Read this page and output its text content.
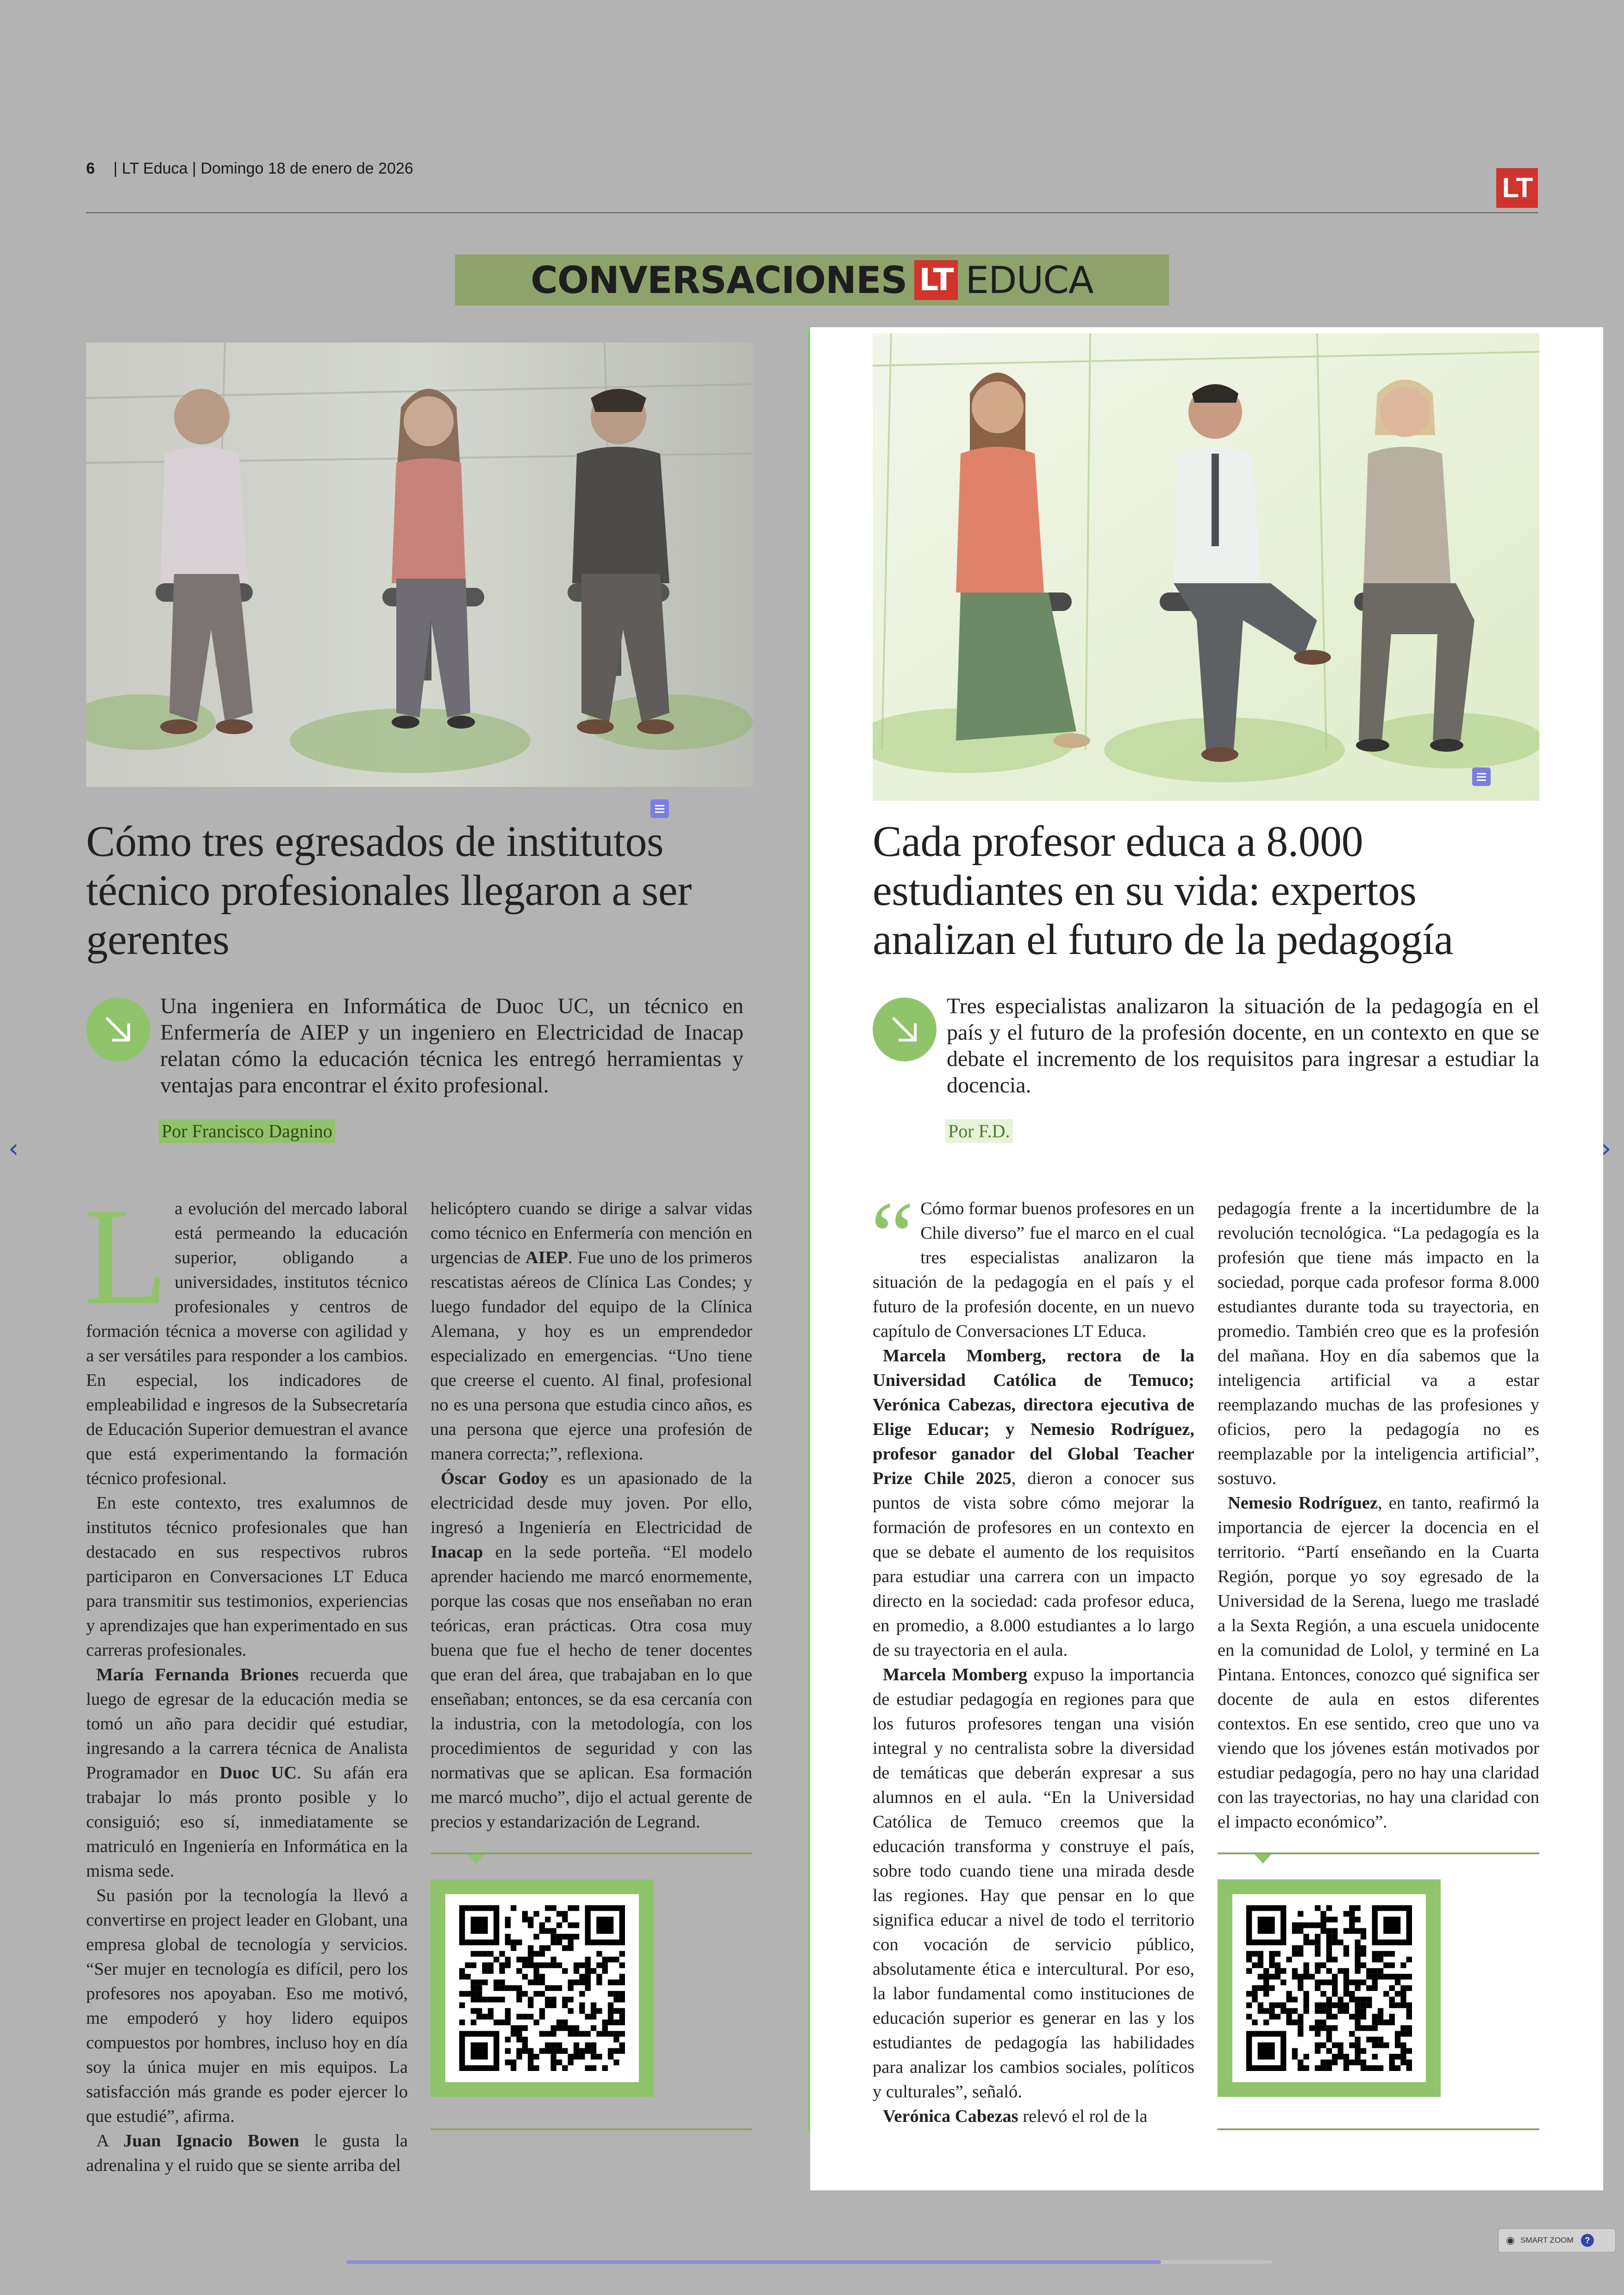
6 | LT Educa | Domingo 18 de enero de 2026
LT
CONVERSACIONES LT EDUCA
Cómo tres egresados de institutos técnico profesionales llegaron a ser gerentes
Una ingeniera en Informática de Duoc UC, un técnico en Enfermería de AIEP y un ingeniero en Electricidad de Inacap relatan cómo la educación técnica les entregó herramientas y ventajas para encontrar el éxito profesional.
Por Francisco Dagnino
L a evolución del mercado laboral está permeando la educación superior, obligando a universidades, institutos técnico profesionales y centros de formación técnica a moverse con agilidad y a ser versátiles para responder a los cambios. En especial, los indicadores de empleabilidad e ingresos de la Subsecretaría de Educación Superior demuestran el avance que está experimentando la formación técnico profesional.

En este contexto, tres exalumnos de institutos técnico profesionales que han destacado en sus respectivos rubros participaron en Conversaciones LT Educa para transmitir sus testimonios, experiencias y aprendizajes que han experimentado en sus carreras profesionales.

María Fernanda Briones recuerda que luego de egresar de la educación media se tomó un año para decidir qué estudiar, ingresando a la carrera técnica de Analista Programador en Duoc UC. Su afán era trabajar lo más pronto posible y lo consiguió; eso sí, inmediatamente se matriculó en Ingeniería en Informática en la misma sede.

Su pasión por la tecnología la llevó a convertirse en project leader en Globant, una empresa global de tecnología y servicios. “Ser mujer en tecnología es difícil, pero los profesores nos apoyaban. Eso me motivó, me empoderó y hoy lidero equipos compuestos por hombres, incluso hoy en día soy la única mujer en mis equipos. La satisfacción más grande es poder ejercer lo que estudié”, afirma.

A Juan Ignacio Bowen le gusta la adrenalina y el ruido que se siente arriba del

helicóptero cuando se dirige a salvar vidas como técnico en Enfermería con mención en urgencias de AIEP. Fue uno de los primeros rescatistas aéreos de Clínica Las Condes; y luego fundador del equipo de la Clínica Alemana, y hoy es un emprendedor especializado en emergencias. “Uno tiene que creerse el cuento. Al final, profesional no es una persona que estudia cinco años, es una persona que ejerce una profesión de manera correcta;”, reflexiona.

Óscar Godoy es un apasionado de la electricidad desde muy joven. Por ello, ingresó a Ingeniería en Electricidad de Inacap en la sede porteña. “El modelo aprender haciendo me marcó enormemente, porque las cosas que nos enseñaban no eran teóricas, eran prácticas. Otra cosa muy buena que fue el hecho de tener docentes que eran del área, que trabajaban en lo que enseñaban; entonces, se da esa cercanía con la industria, con la metodología, con los procedimientos de seguridad y con las normativas que se aplican. Esa formación me marcó mucho”, dijo el actual gerente de precios y estandarización de Legrand.

Cada profesor educa a 8.000 estudiantes en su vida: expertos analizan el futuro de la pedagogía
Tres especialistas analizaron la situación de la pedagogía en el país y el futuro de la profesión docente, en un contexto en que se debate el incremento de los requisitos para ingresar a estudiar la docencia.
Por F.D.
“ Cómo formar buenos profesores en un Chile diverso” fue el marco en el cual tres especialistas analizaron la situación de la pedagogía en el país y el futuro de la profesión docente, en un nuevo capítulo de Conversaciones LT Educa.

Marcela Momberg, rectora de la Universidad Católica de Temuco; Verónica Cabezas, directora ejecutiva de Elige Educar; y Nemesio Rodríguez, profesor ganador del Global Teacher Prize Chile 2025, dieron a conocer sus puntos de vista sobre cómo mejorar la formación de profesores en un contexto en que se debate el aumento de los requisitos para estudiar una carrera con un impacto directo en la sociedad: cada profesor educa, en promedio, a 8.000 estudiantes a lo largo de su trayectoria en el aula.

Marcela Momberg expuso la importancia de estudiar pedagogía en regiones para que los futuros profesores tengan una visión integral y no centralista sobre la diversidad de temáticas que deberán expresar a sus alumnos en el aula. “En la Universidad Católica de Temuco creemos que la educación transforma y construye el país, sobre todo cuando tiene una mirada desde las regiones. Hay que pensar en lo que significa educar a nivel de todo el territorio con vocación de servicio público, absolutamente ética e intercultural. Por eso, la labor fundamental como instituciones de educación superior es generar en las y los estudiantes de pedagogía las habilidades para analizar los cambios sociales, políticos y culturales”, señaló.

Verónica Cabezas relevó el rol de la

pedagogía frente a la incertidumbre de la revolución tecnológica. “La pedagogía es la profesión que tiene más impacto en la sociedad, porque cada profesor forma 8.000 estudiantes durante toda su trayectoria, en promedio. También creo que es la profesión del mañana. Hoy en día sabemos que la inteligencia artificial va a estar reemplazando muchas de las profesiones y oficios, pero la pedagogía no es reemplazable por la inteligencia artificial”, sostuvo.

Nemesio Rodríguez, en tanto, reafirmó la importancia de ejercer la docencia en el territorio. “Partí enseñando en la Cuarta Región, porque yo soy egresado de la Universidad de la Serena, luego me trasladé a la Sexta Región, a una escuela unidocente en la comunidad de Lolol, y terminé en La Pintana. Entonces, conozco qué significa ser docente de aula en estos diferentes contextos. En ese sentido, creo que uno va viendo que los jóvenes están motivados por estudiar pedagogía, pero no hay una claridad con las trayectorias, no hay una claridad con el impacto económico”.

‹	›
◉ SMART ZOOM	?
